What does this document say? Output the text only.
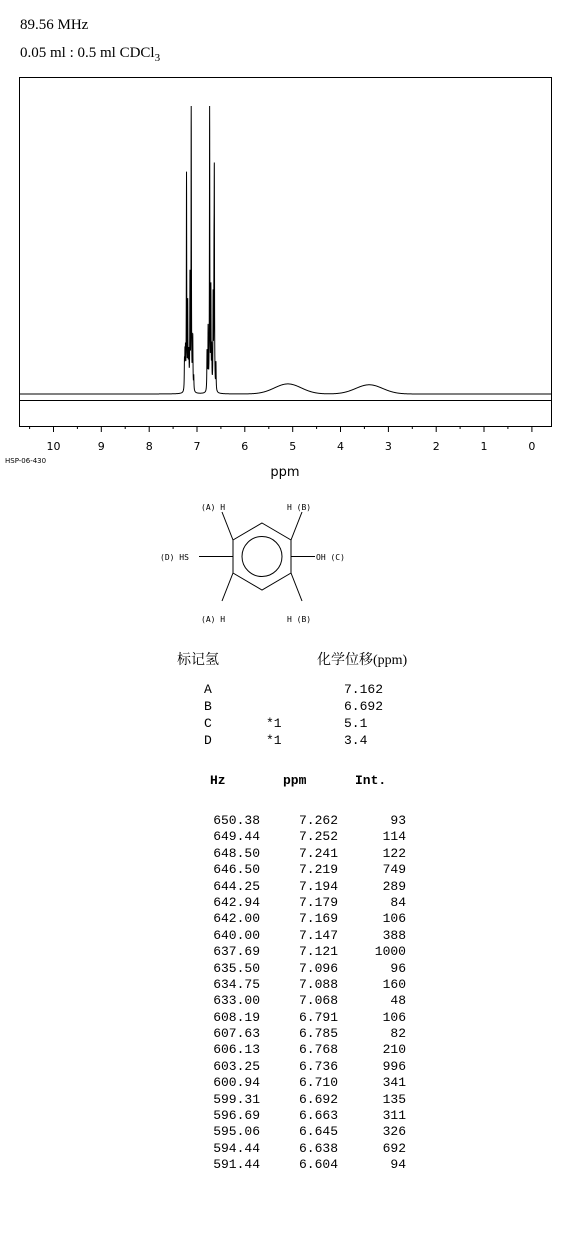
89.56 MHz
0.05 ml : 0.5 ml CDCl$_3$
10	9	8	7	6	5	4	3	2	1	0
ppm
HSP-06-430
(A) H	H (B)
(D) HS	OH (C)
(A) H	H (B)
标记氢	化学位移(ppm)
A	7.162
B	6.692
C	*1	5.1
D	*1	3.4
Hz	ppm	Int.
650.38	7.262	93
649.44	7.252	114
648.50	7.241	122
646.50	7.219	749
644.25	7.194	289
642.94	7.179	84
642.00	7.169	106
640.00	7.147	388
637.69	7.121	1000
635.50	7.096	96
634.75	7.088	160
633.00	7.068	48
608.19	6.791	106
607.63	6.785	82
606.13	6.768	210
603.25	6.736	996
600.94	6.710	341
599.31	6.692	135
596.69	6.663	311
595.06	6.645	326
594.44	6.638	692
591.44	6.604	94
